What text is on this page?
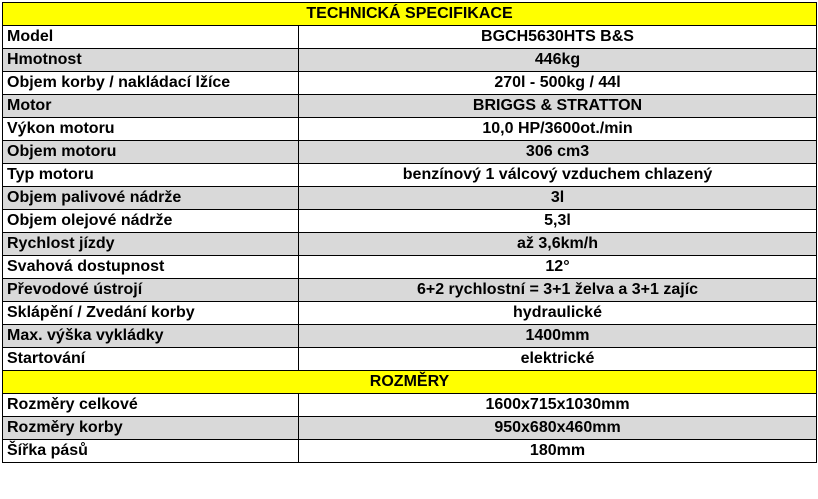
TECHNICKÁ SPECIFIKACE	
Model	BGCH5630HTS B&S
Hmotnost	446kg
Objem korby / nakládací lžíce	270l - 500kg / 44l
Motor	BRIGGS & STRATTON
Výkon motoru	10,0 HP/3600ot./min
Objem motoru	306 cm3
Typ motoru	benzínový 1 válcový vzduchem chlazený
Objem palivové nádrže	3l
Objem olejové nádrže	5,3l
Rychlost jízdy	až 3,6km/h
Svahová dostupnost	12°
Převodové ústrojí	6+2 rychlostní = 3+1 želva a 3+1 zajíc
Sklápění / Zvedání korby	hydraulické
Max. výška vykládky	1400mm
Startování	elektrické
ROZMĚRY	
Rozměry celkové	1600x715x1030mm
Rozměry korby	950x680x460mm
Šířka pásů	180mm
